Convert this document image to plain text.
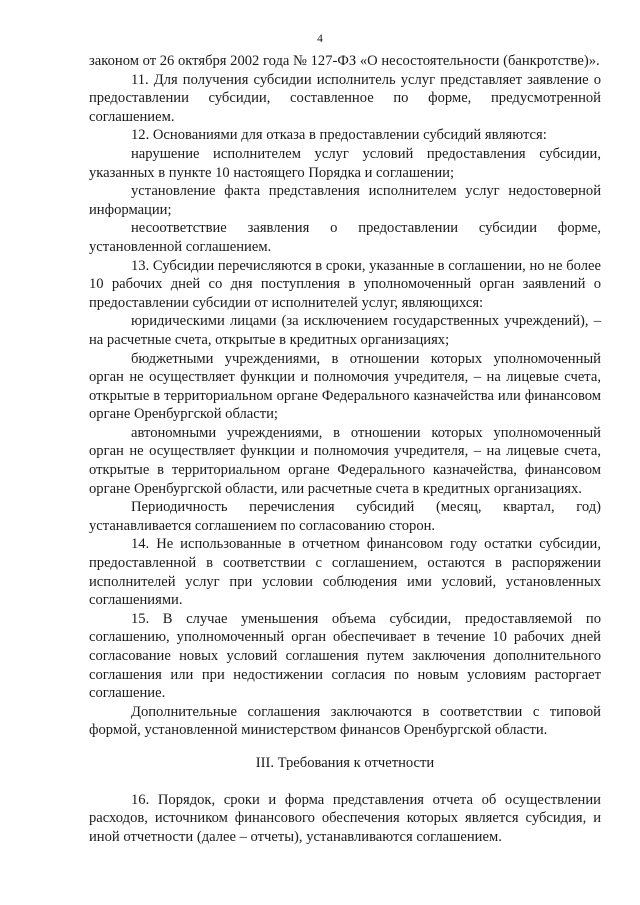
4

законом от 26 октября 2002 года № 127-ФЗ «О несостоятельности (банкротстве)».

11. Для получения субсидии исполнитель услуг представляет заявление о предоставлении субсидии, составленное по форме, предусмотренной соглашением.

12. Основаниями для отказа в предоставлении субсидий являются:

нарушение исполнителем услуг условий предоставления субсидии, указанных в пункте 10 настоящего Порядка и соглашении;

установление факта представления исполнителем услуг недостоверной информации;

несоответствие заявления о предоставлении субсидии форме, установленной соглашением.

13. Субсидии перечисляются в сроки, указанные в соглашении, но не более 10 рабочих дней со дня поступления в уполномоченный орган заявлений о предоставлении субсидии от исполнителей услуг, являющихся:

юридическими лицами (за исключением государственных учреждений), – на расчетные счета, открытые в кредитных организациях;

бюджетными учреждениями, в отношении которых уполномоченный орган не осуществляет функции и полномочия учредителя, – на лицевые счета, открытые в территориальном органе Федерального казначейства или финансовом органе Оренбургской области;

автономными учреждениями, в отношении которых уполномоченный орган не осуществляет функции и полномочия учредителя, – на лицевые счета, открытые в территориальном органе Федерального казначейства, финансовом органе Оренбургской области, или расчетные счета в кредитных организациях.

Периодичность перечисления субсидий (месяц, квартал, год) устанавливается соглашением по согласованию сторон.

14. Не использованные в отчетном финансовом году остатки субсидии, предоставленной в соответствии с соглашением, остаются в распоряжении исполнителей услуг при условии соблюдения ими условий, установленных соглашениями.

15. В случае уменьшения объема субсидии, предоставляемой по соглашению, уполномоченный орган обеспечивает в течение 10 рабочих дней согласование новых условий соглашения путем заключения дополнительного соглашения или при недостижении согласия по новым условиям расторгает соглашение.

Дополнительные соглашения заключаются в соответствии с типовой формой, установленной министерством финансов Оренбургской области.

III. Требования к отчетности

16. Порядок, сроки и форма представления отчета об осуществлении расходов, источником финансового обеспечения которых является субсидия, и иной отчетности (далее – отчеты), устанавливаются соглашением.
